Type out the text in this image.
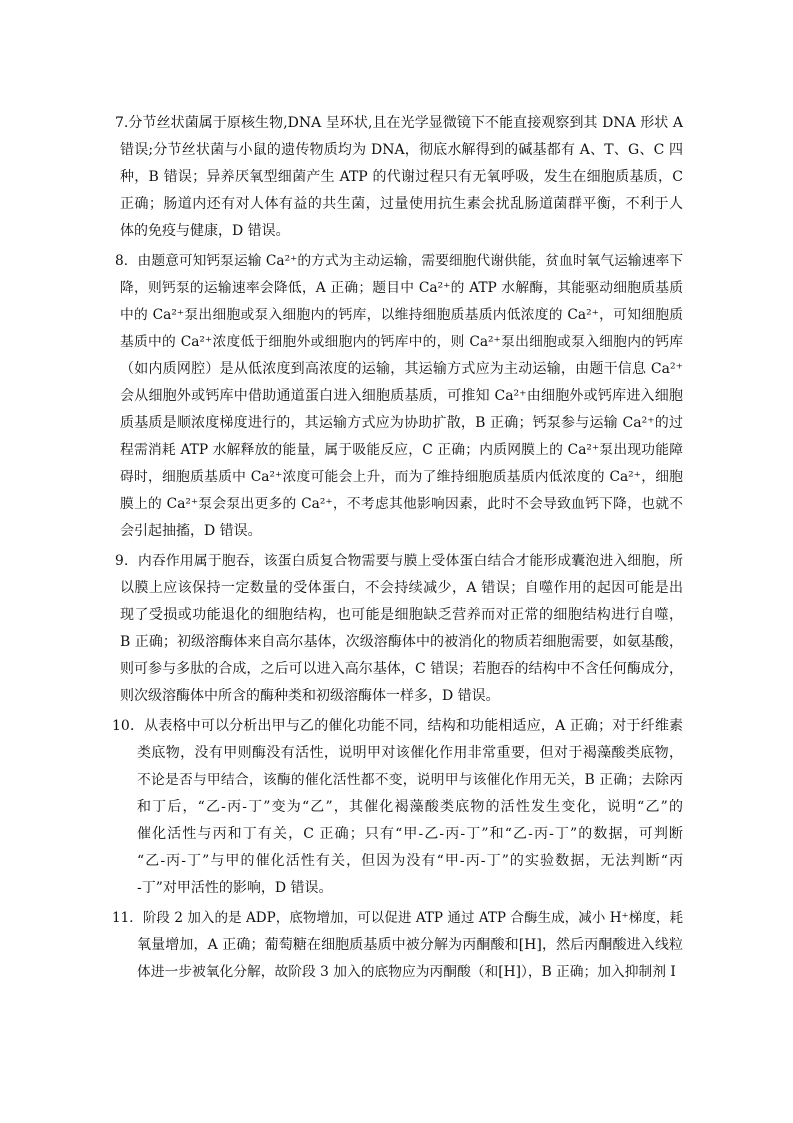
7.分节丝状菌属于原核生物,DNA 呈环状,且在光学显微镜下不能直接观察到其 DNA 形状 A
错误;分节丝状菌与小鼠的遗传物质均为 DNA，彻底水解得到的碱基都有 A、T、G、C 四
种，B 错误；异养厌氧型细菌产生 ATP 的代谢过程只有无氧呼吸，发生在细胞质基质，C
正确；肠道内还有对人体有益的共生菌，过量使用抗生素会扰乱肠道菌群平衡，不利于人
体的免疫与健康，D 错误。
8．由题意可知钙泵运输 Ca²⁺的方式为主动运输，需要细胞代谢供能，贫血时氧气运输速率下
降，则钙泵的运输速率会降低，A 正确；题目中 Ca²⁺的 ATP 水解酶，其能驱动细胞质基质
中的 Ca²⁺泵出细胞或泵入细胞内的钙库，以维持细胞质基质内低浓度的 Ca²⁺，可知细胞质
基质中的 Ca²⁺浓度低于细胞外或细胞内的钙库中的，则 Ca²⁺泵出细胞或泵入细胞内的钙库
（如内质网腔）是从低浓度到高浓度的运输，其运输方式应为主动运输，由题干信息 Ca²⁺
会从细胞外或钙库中借助通道蛋白进入细胞质基质，可推知 Ca²⁺由细胞外或钙库进入细胞
质基质是顺浓度梯度进行的，其运输方式应为协助扩散，B 正确；钙泵参与运输 Ca²⁺的过
程需消耗 ATP 水解释放的能量，属于吸能反应，C 正确；内质网膜上的 Ca²⁺泵出现功能障
碍时，细胞质基质中 Ca²⁺浓度可能会上升，而为了维持细胞质基质内低浓度的 Ca²⁺，细胞
膜上的 Ca²⁺泵会泵出更多的 Ca²⁺，不考虑其他影响因素，此时不会导致血钙下降，也就不
会引起抽搐，D 错误。
9．内吞作用属于胞吞，该蛋白质复合物需要与膜上受体蛋白结合才能形成囊泡进入细胞，所
以膜上应该保持一定数量的受体蛋白，不会持续减少，A 错误；自噬作用的起因可能是出
现了受损或功能退化的细胞结构，也可能是细胞缺乏营养而对正常的细胞结构进行自噬，
B 正确；初级溶酶体来自高尔基体，次级溶酶体中的被消化的物质若细胞需要，如氨基酸，
则可参与多肽的合成，之后可以进入高尔基体，C 错误；若胞吞的结构中不含任何酶成分，
则次级溶酶体中所含的酶种类和初级溶酶体一样多，D 错误。
10．从表格中可以分析出甲与乙的催化功能不同，结构和功能相适应，A 正确；对于纤维素
类底物，没有甲则酶没有活性，说明甲对该催化作用非常重要，但对于褐藻酸类底物，
不论是否与甲结合，该酶的催化活性都不变，说明甲与该催化作用无关，B 正确；去除丙
和丁后，“乙-丙-丁”变为“乙”，其催化褐藻酸类底物的活性发生变化，说明“乙”的
催化活性与丙和丁有关，C 正确；只有“甲-乙-丙-丁”和“乙-丙-丁”的数据，可判断
“乙-丙-丁”与甲的催化活性有关，但因为没有“甲-丙-丁”的实验数据，无法判断“丙
-丁”对甲活性的影响，D 错误。
11．阶段 2 加入的是 ADP，底物增加，可以促进 ATP 通过 ATP 合酶生成，减小 H⁺梯度，耗
氧量增加，A 正确；葡萄糖在细胞质基质中被分解为丙酮酸和[H]，然后丙酮酸进入线粒
体进一步被氧化分解，故阶段 3 加入的底物应为丙酮酸（和[H]），B 正确；加入抑制剂 I
